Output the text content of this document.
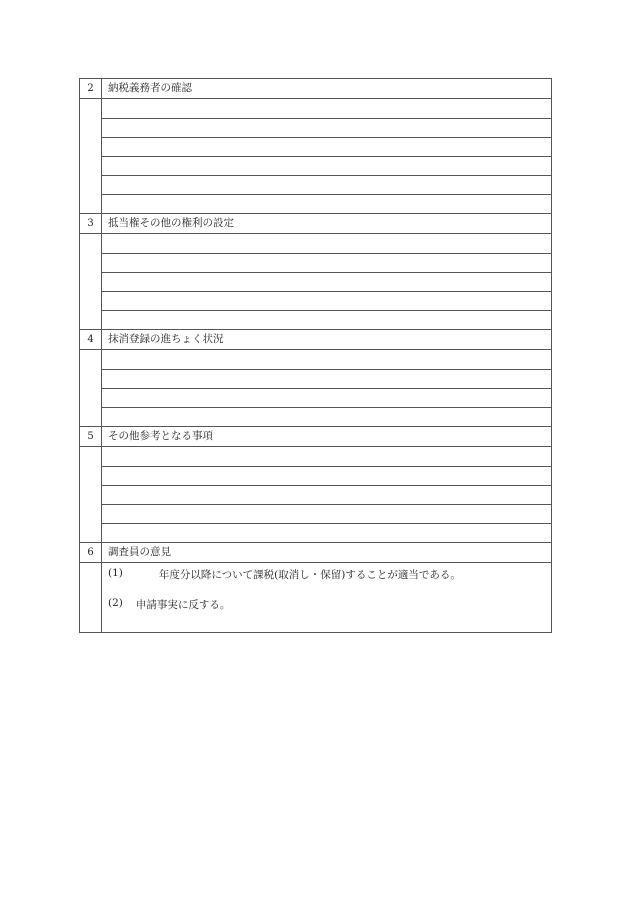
2	納税義務者の確認
3	抵当権その他の権利の設定
4	抹消登録の進ちょく状況
5	その他参考となる事項
6	調査員の意見
(1)	年度分以降について課税(取消し・保留)することが適当である。
(2) 申請事実に反する。
